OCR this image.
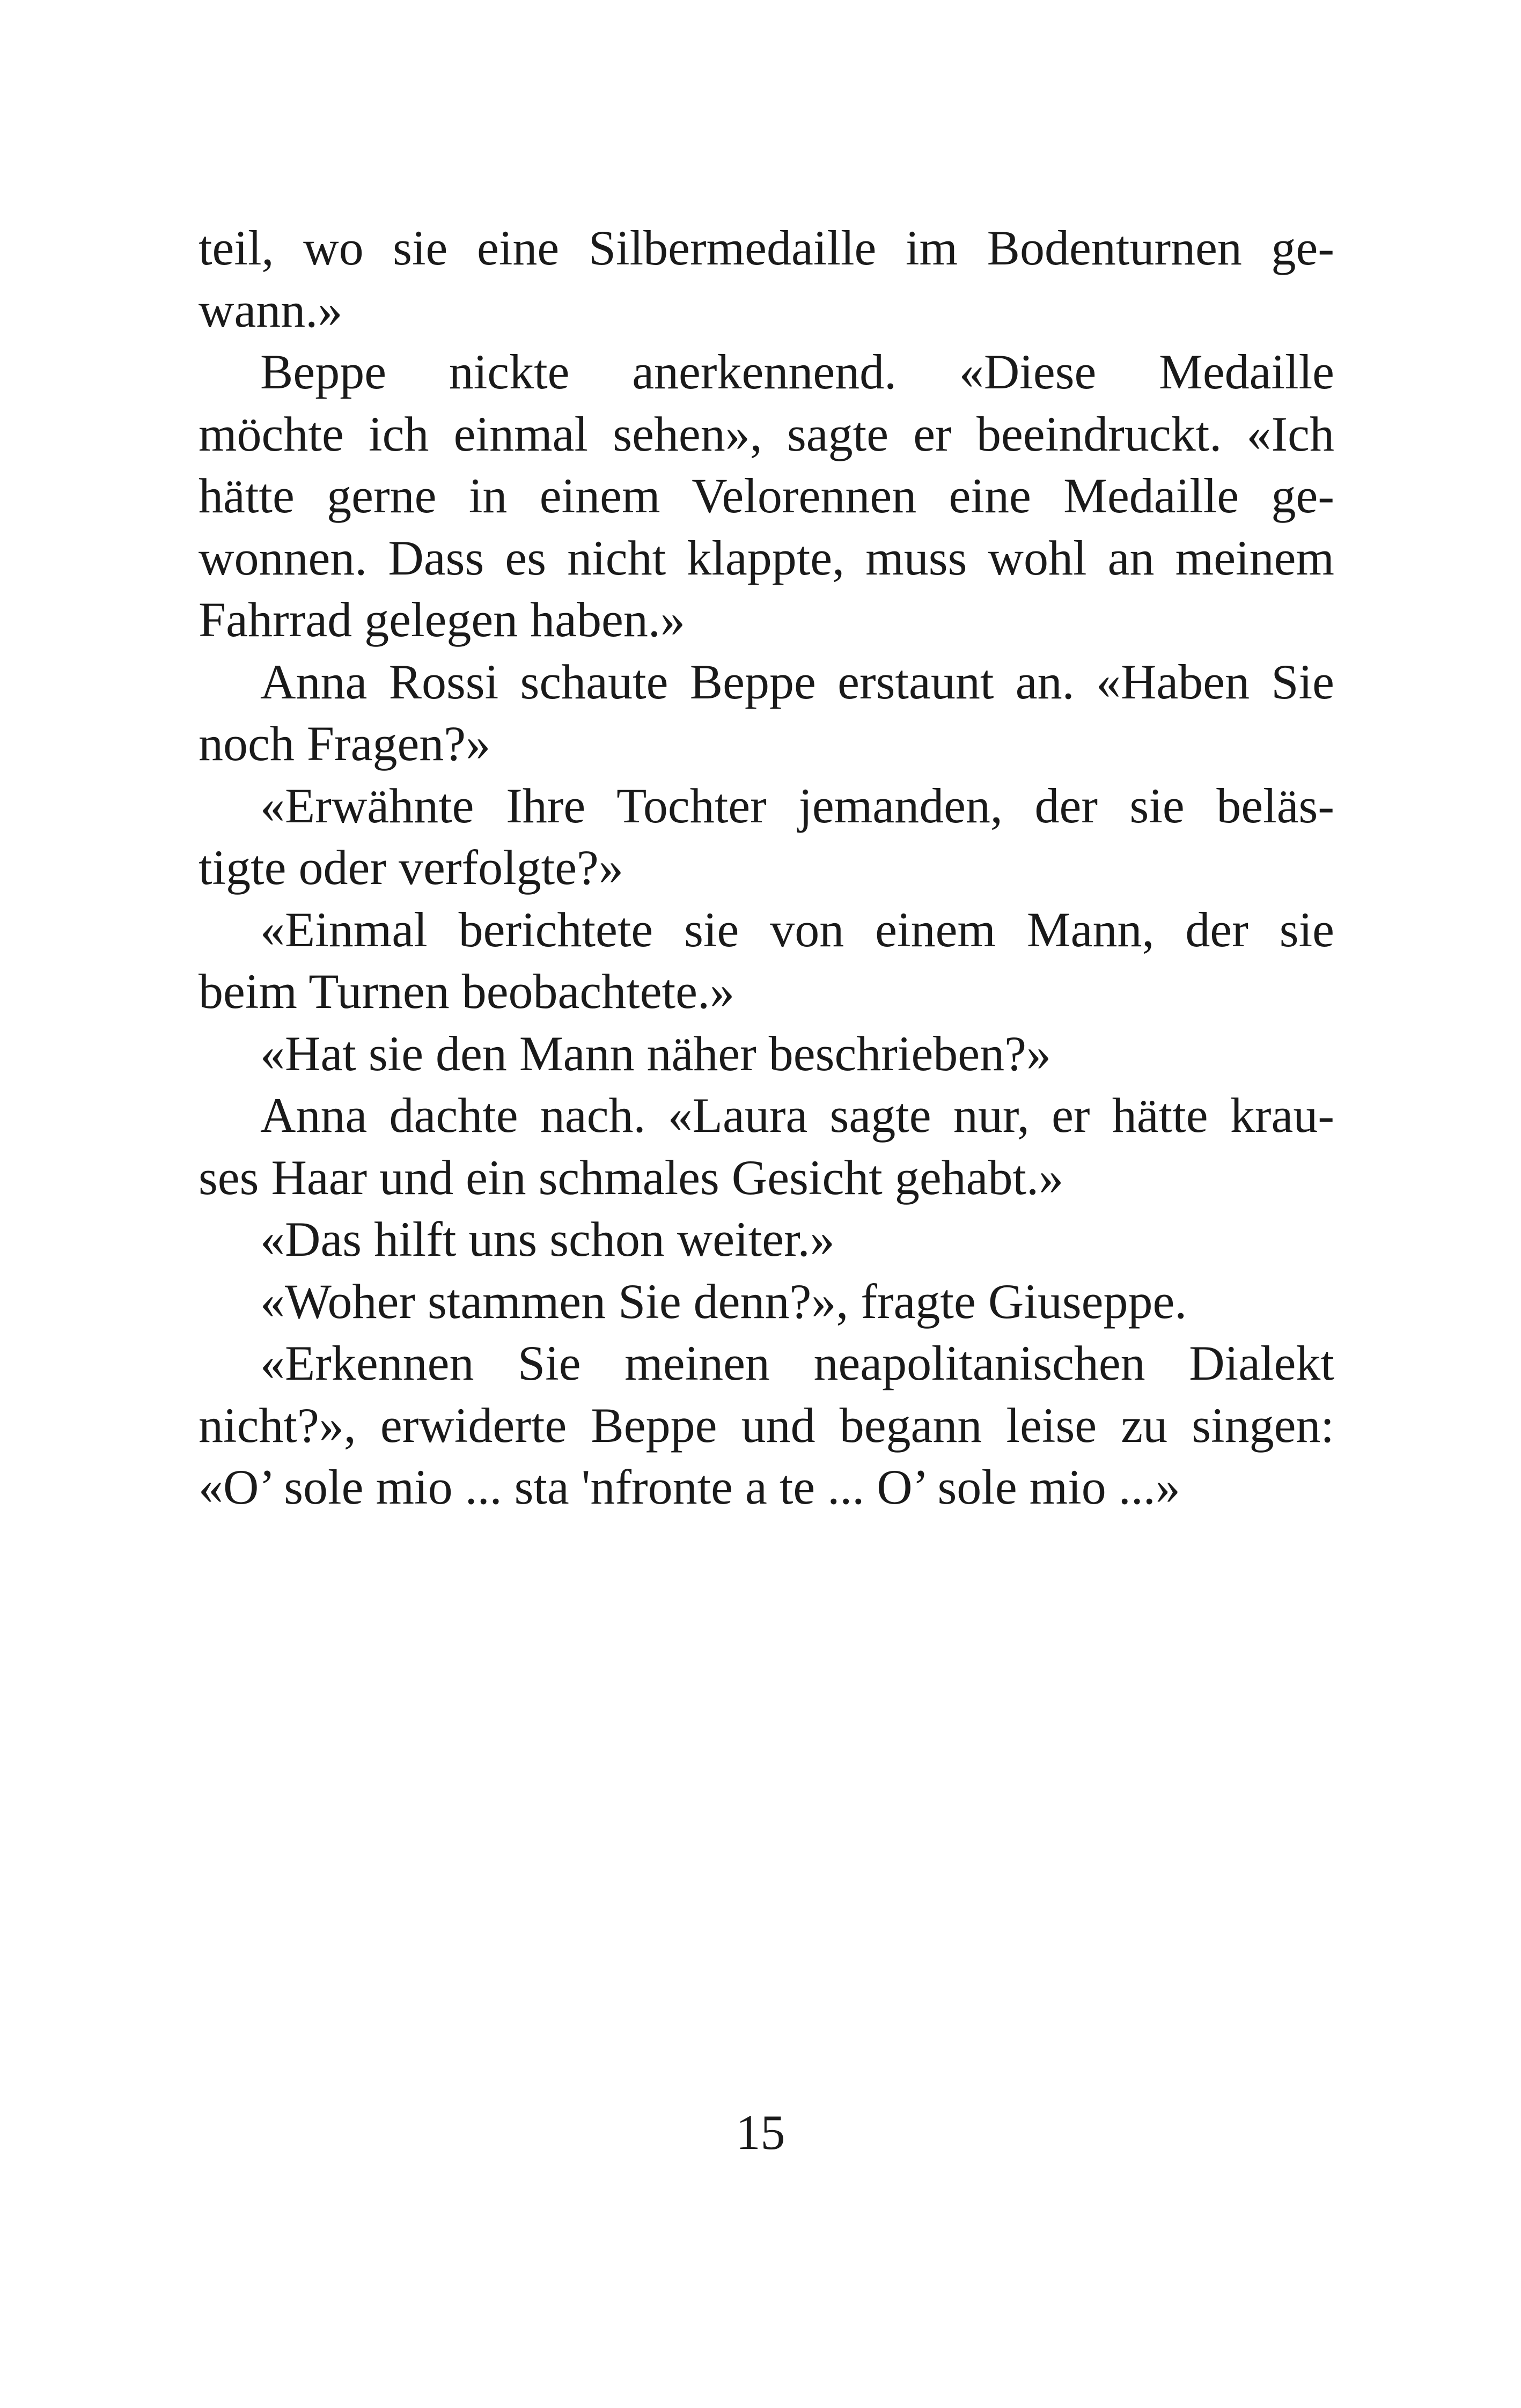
teil, wo sie eine Silbermedaille im Bodenturnen ge-
wann.»
Beppe nickte anerkennend. «Diese Medaille
möchte ich einmal sehen», sagte er beeindruckt. «Ich
hätte gerne in einem Velorennen eine Medaille ge-
wonnen. Dass es nicht klappte, muss wohl an meinem
Fahrrad gelegen haben.»
Anna Rossi schaute Beppe erstaunt an. «Haben Sie
noch Fragen?»
«Erwähnte Ihre Tochter jemanden, der sie beläs-
tigte oder verfolgte?»
«Einmal berichtete sie von einem Mann, der sie
beim Turnen beobachtete.»
«Hat sie den Mann näher beschrieben?»
Anna dachte nach. «Laura sagte nur, er hätte krau-
ses Haar und ein schmales Gesicht gehabt.»
«Das hilft uns schon weiter.»
«Woher stammen Sie denn?», fragte Giuseppe.
«Erkennen Sie meinen neapolitanischen Dialekt
nicht?», erwiderte Beppe und begann leise zu singen:
«O’ sole mio ... sta 'nfronte a te ... O’ sole mio ...»
15
